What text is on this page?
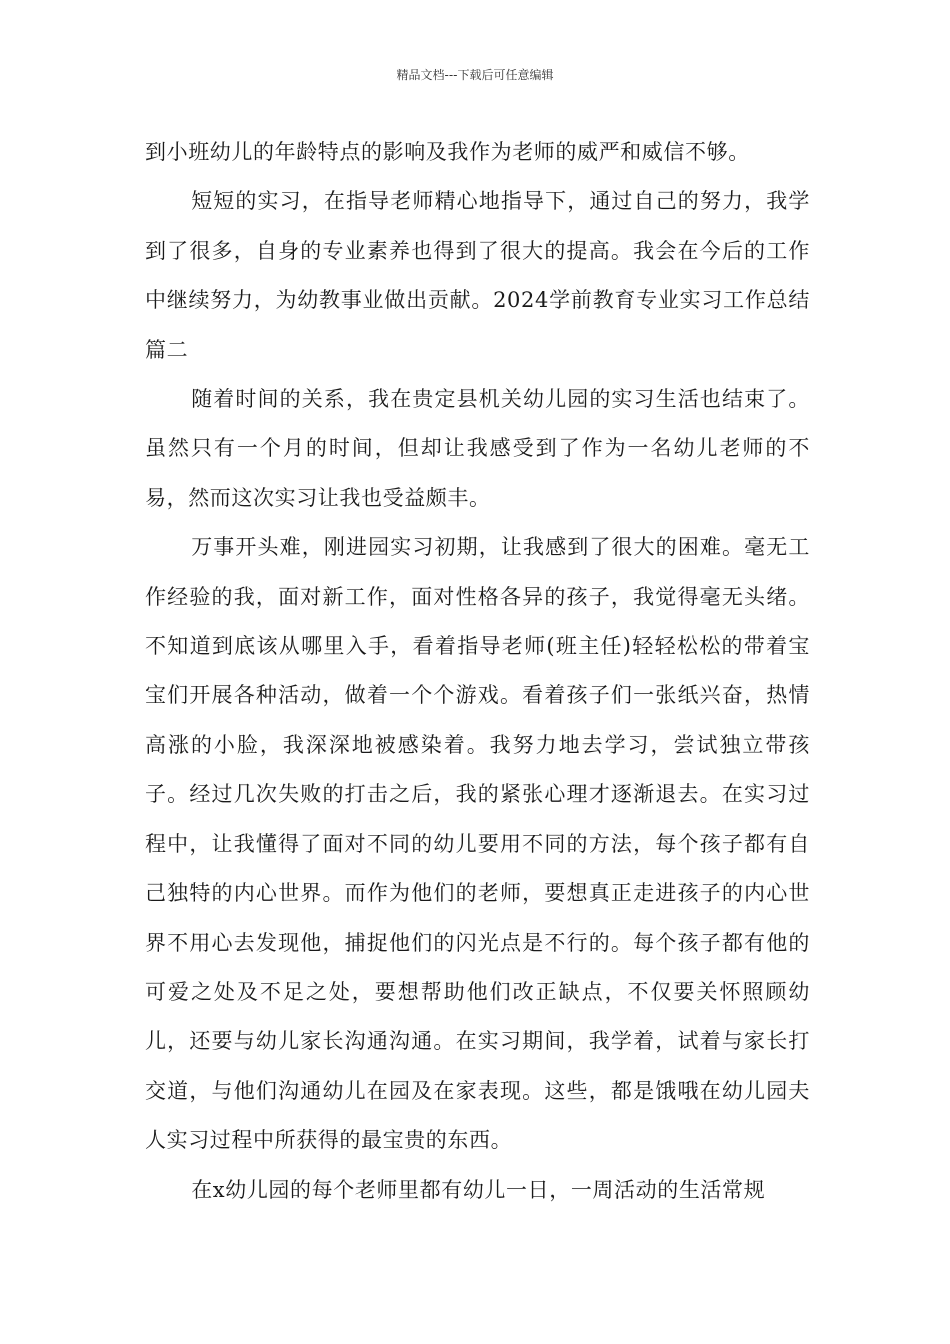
精品文档---下载后可任意编辑

到小班幼儿的年龄特点的影响及我作为老师的威严和威信不够。

短短的实习，在指导老师精心地指导下，通过自己的努力，我学到了很多，自身的专业素养也得到了很大的提高。我会在今后的工作中继续努力，为幼教事业做出贡献。2024学前教育专业实习工作总结篇二

随着时间的关系，我在贵定县机关幼儿园的实习生活也结束了。虽然只有一个月的时间，但却让我感受到了作为一名幼儿老师的不易，然而这次实习让我也受益颇丰。

万事开头难，刚进园实习初期，让我感到了很大的困难。毫无工作经验的我，面对新工作，面对性格各异的孩子，我觉得毫无头绪。不知道到底该从哪里入手，看着指导老师(班主任)轻轻松松的带着宝宝们开展各种活动，做着一个个游戏。看着孩子们一张纸兴奋，热情高涨的小脸，我深深地被感染着。我努力地去学习，尝试独立带孩子。经过几次失败的打击之后，我的紧张心理才逐渐退去。在实习过程中，让我懂得了面对不同的幼儿要用不同的方法，每个孩子都有自己独特的内心世界。而作为他们的老师，要想真正走进孩子的内心世界不用心去发现他，捕捉他们的闪光点是不行的。每个孩子都有他的可爱之处及不足之处，要想帮助他们改正缺点，不仅要关怀照顾幼儿，还要与幼儿家长沟通沟通。在实习期间，我学着，试着与家长打交道，与他们沟通幼儿在园及在家表现。这些，都是饿哦在幼儿园夫人实习过程中所获得的最宝贵的东西。

在x幼儿园的每个老师里都有幼儿一日，一周活动的生活常规
